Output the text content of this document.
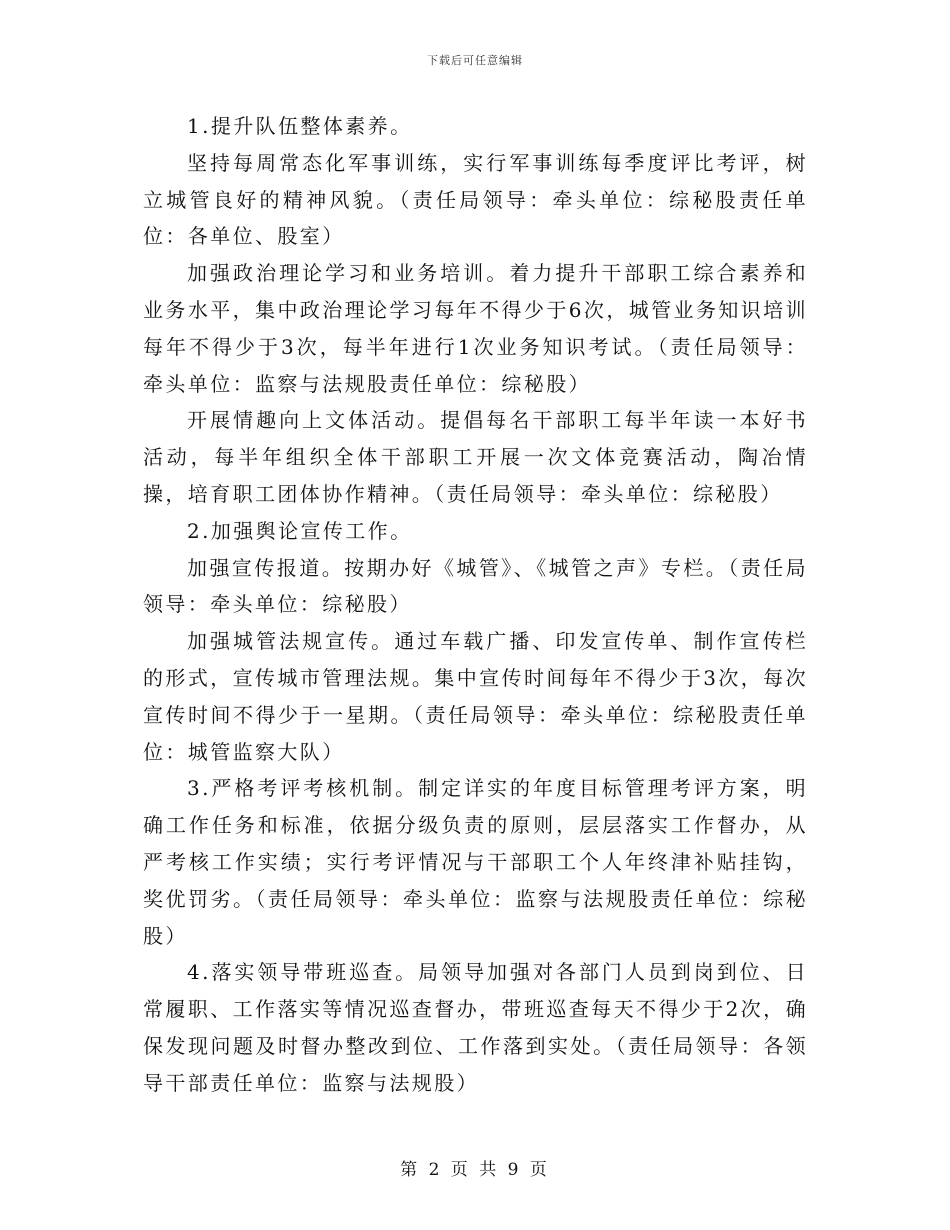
下载后可任意编辑

1.提升队伍整体素养。

坚持每周常态化军事训练，实行军事训练每季度评比考评，树立城管良好的精神风貌。（责任局领导：牵头单位：综秘股责任单位：各单位、股室）

加强政治理论学习和业务培训。着力提升干部职工综合素养和业务水平，集中政治理论学习每年不得少于6次，城管业务知识培训每年不得少于3次，每半年进行1次业务知识考试。（责任局领导：牵头单位：监察与法规股责任单位：综秘股）

开展情趣向上文体活动。提倡每名干部职工每半年读一本好书活动，每半年组织全体干部职工开展一次文体竞赛活动，陶冶情操，培育职工团体协作精神。（责任局领导：牵头单位：综秘股）

2.加强舆论宣传工作。

加强宣传报道。按期办好《城管》、《城管之声》专栏。（责任局领导：牵头单位：综秘股）

加强城管法规宣传。通过车载广播、印发宣传单、制作宣传栏的形式，宣传城市管理法规。集中宣传时间每年不得少于3次，每次宣传时间不得少于一星期。（责任局领导：牵头单位：综秘股责任单位：城管监察大队）

3.严格考评考核机制。制定详实的年度目标管理考评方案，明确工作任务和标准，依据分级负责的原则，层层落实工作督办，从严考核工作实绩；实行考评情况与干部职工个人年终津补贴挂钩，奖优罚劣。（责任局领导：牵头单位：监察与法规股责任单位：综秘股）

4.落实领导带班巡查。局领导加强对各部门人员到岗到位、日常履职、工作落实等情况巡查督办，带班巡查每天不得少于2次，确保发现问题及时督办整改到位、工作落到实处。（责任局领导：各领导干部责任单位：监察与法规股）

第 2 页 共 9 页
